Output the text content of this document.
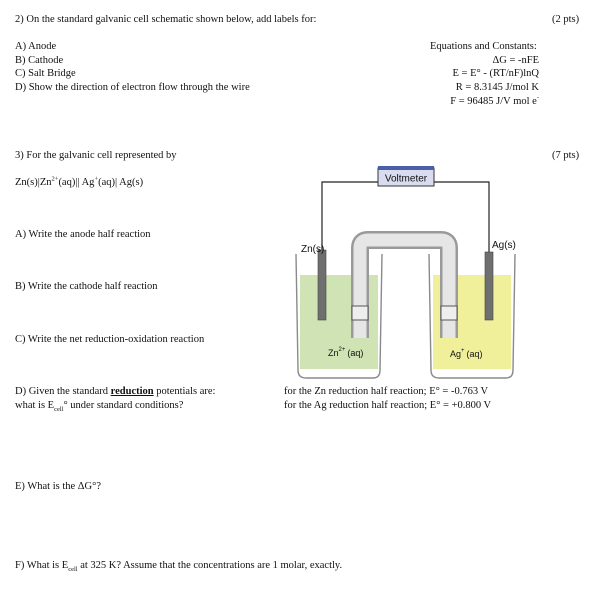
2) On the standard galvanic cell schematic shown below, add labels for:	(2 pts)
A) Anode
B) Cathode
C) Salt Bridge
D) Show the direction of electron flow through the wire
Equations and Constants:
ΔG = -nFE
E = E° - (RT/nF)lnQ
R = 8.3145 J/mol K
F = 96485 J/V mol e-
3) For the galvanic cell represented by	(7 pts)
$Zn(s)|Zn^{2+}(aq)||$ Ag+(aq)| Ag(s)
A) Write the anode half reaction
B) Write the cathode half reaction
C) Write the net reduction-oxidation reaction
D) Given the standard reduction potentials are:
what is $E_{cell}^\circ$ under standard conditions?
for the Zn reduction half reaction; E° = -0.763 V
for the Ag reduction half reaction; E° = +0.800 V
E) What is the ΔG°?
F) What is $E_{cell}$ at 325 K? Assume that the concentrations are 1 molar, exactly.
Voltmeter
Zn(s)	Ag(s)
$Zn^{2+}$ (aq)	Ag+ (aq)
